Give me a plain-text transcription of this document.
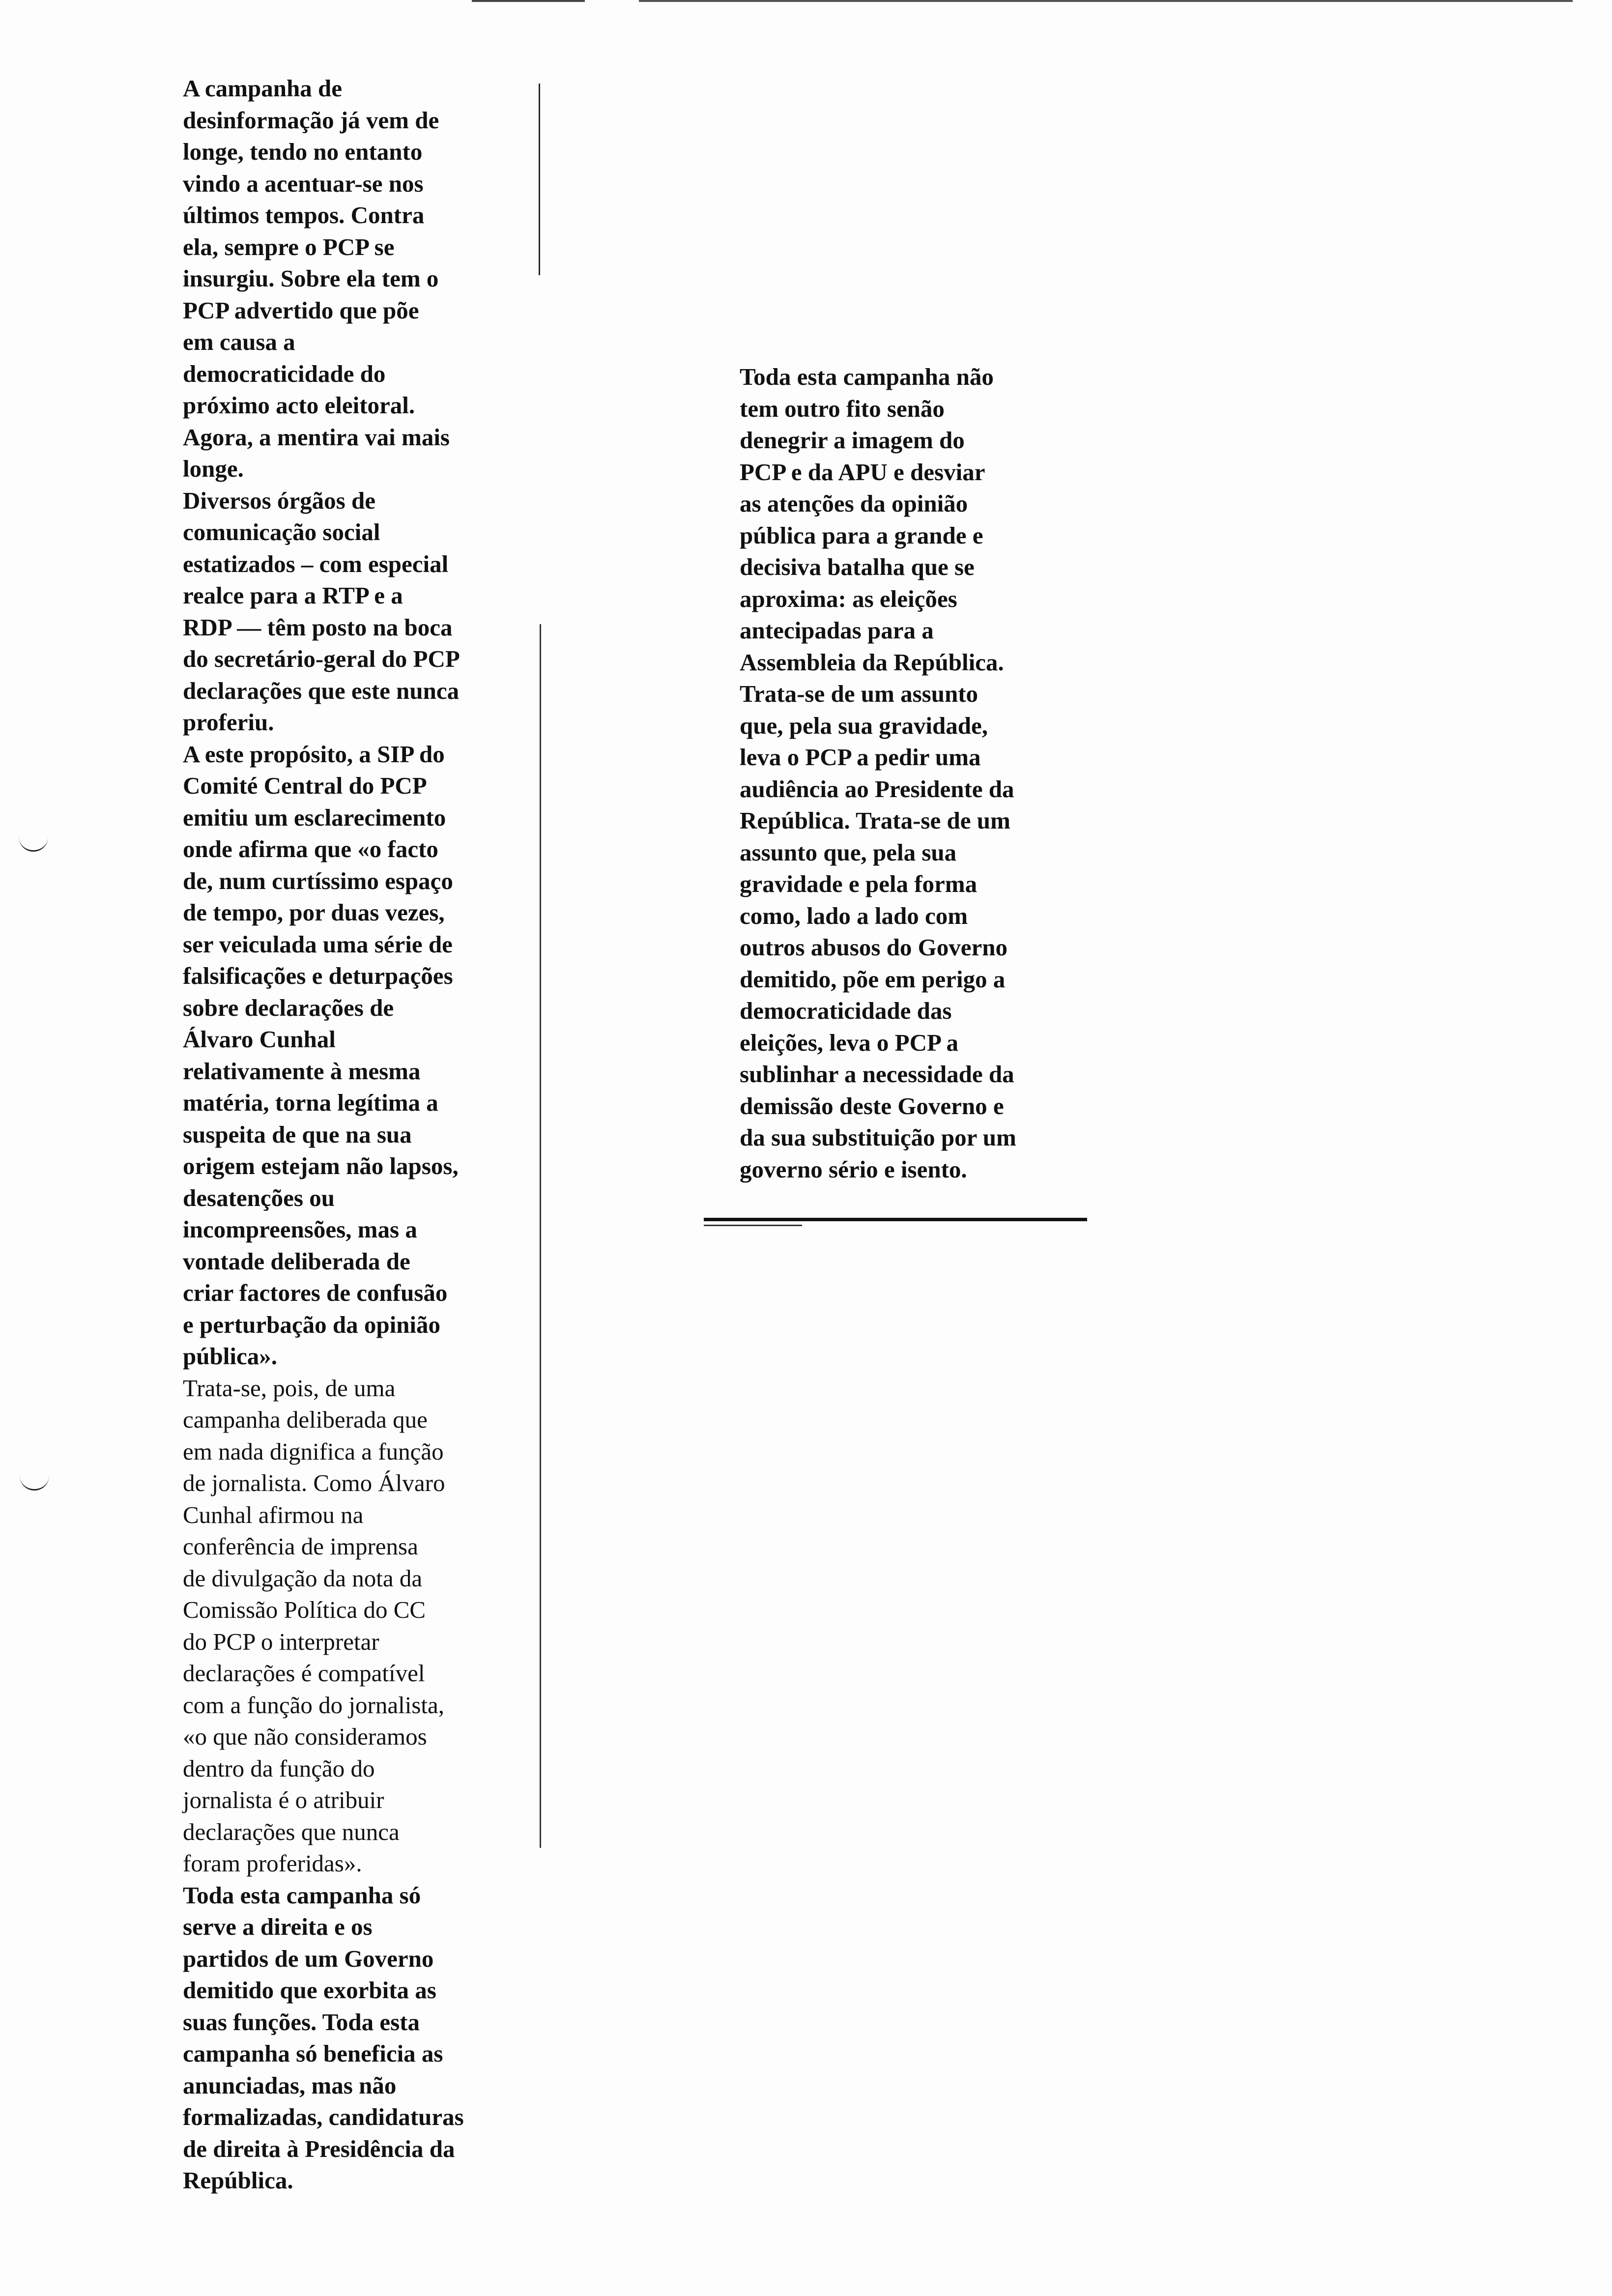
A campanha de
desinformação já vem de
longe, tendo no entanto
vindo a acentuar-se nos
últimos tempos. Contra
ela, sempre o PCP se
insurgiu. Sobre ela tem o
PCP advertido que põe
em causa a
democraticidade do
próximo acto eleitoral.
Agora, a mentira vai mais
longe.

Diversos órgãos de
comunicação social
estatizados – com especial
realce para a RTP e a
RDP — têm posto na boca
do secretário-geral do PCP
declarações que este nunca
proferiu.

A este propósito, a SIP do
Comité Central do PCP
emitiu um esclarecimento
onde afirma que «o facto
de, num curtíssimo espaço
de tempo, por duas vezes,
ser veiculada uma série de
falsificações e deturpações
sobre declarações de
Álvaro Cunhal
relativamente à mesma
matéria, torna legítima a
suspeita de que na sua
origem estejam não lapsos,
desatenções ou
incompreensões, mas a
vontade deliberada de
criar factores de confusão
e perturbação da opinião
pública».

Trata-se, pois, de uma
campanha deliberada que
em nada dignifica a função
de jornalista. Como Álvaro
Cunhal afirmou na
conferência de imprensa
de divulgação da nota da
Comissão Política do CC
do PCP o interpretar
declarações é compatível
com a função do jornalista,
«o que não consideramos
dentro da função do
jornalista é o atribuir
declarações que nunca
foram proferidas».

Toda esta campanha só
serve a direita e os
partidos de um Governo
demitido que exorbita as
suas funções. Toda esta
campanha só beneficia as
anunciadas, mas não
formalizadas, candidaturas
de direita à Presidência da
República.

Toda esta campanha não
tem outro fito senão
denegrir a imagem do
PCP e da APU e desviar
as atenções da opinião
pública para a grande e
decisiva batalha que se
aproxima: as eleições
antecipadas para a
Assembleia da República.
Trata-se de um assunto
que, pela sua gravidade,
leva o PCP a pedir uma
audiência ao Presidente da
República. Trata-se de um
assunto que, pela sua
gravidade e pela forma
como, lado a lado com
outros abusos do Governo
demitido, põe em perigo a
democraticidade das
eleições, leva o PCP a
sublinhar a necessidade da
demissão deste Governo e
da sua substituição por um
governo sério e isento.
